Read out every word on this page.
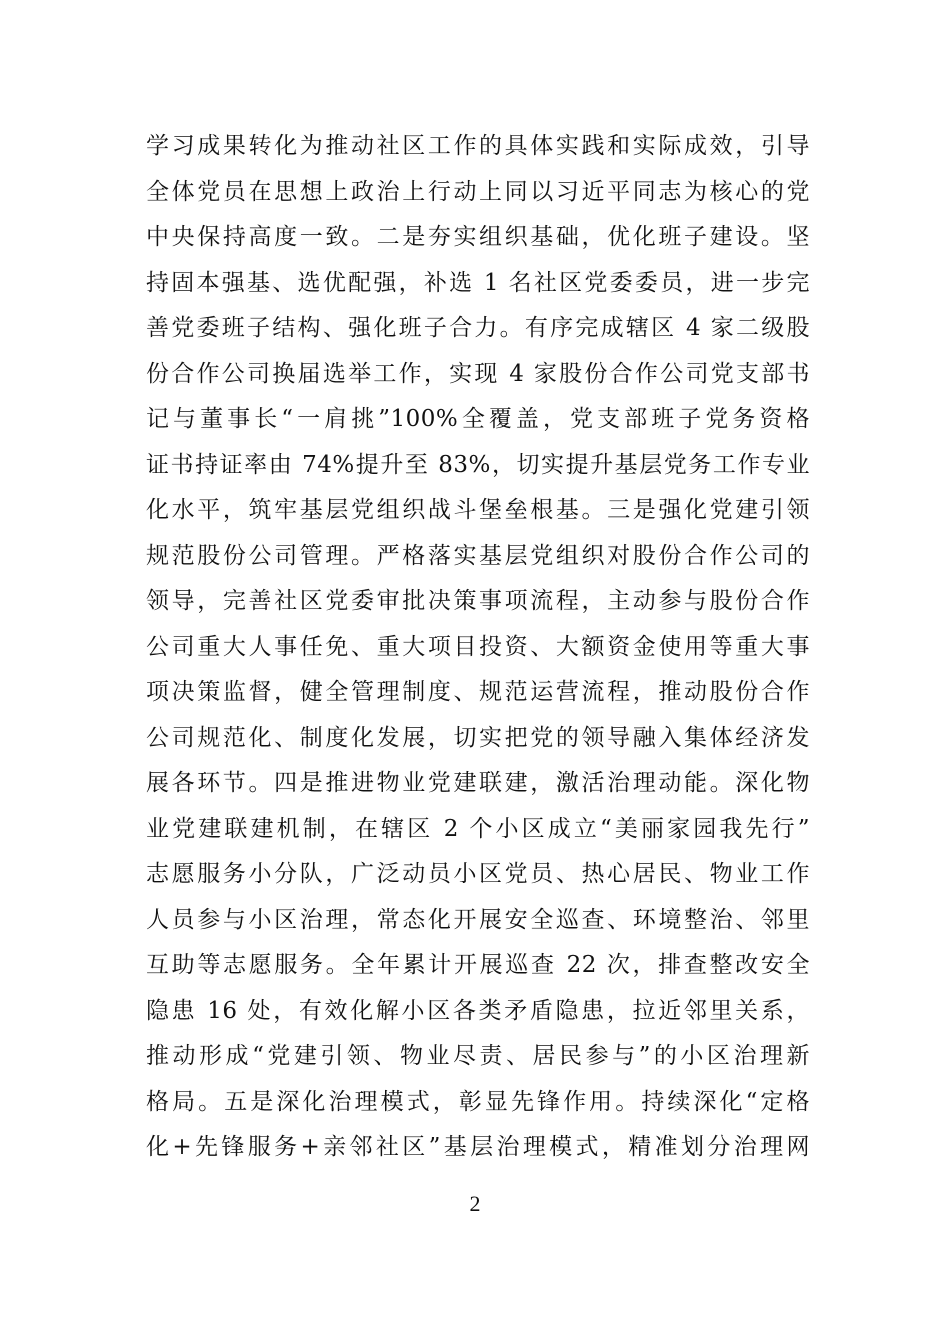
学习成果转化为推动社区工作的具体实践和实际成效，引导
全体党员在思想上政治上行动上同以习近平同志为核心的党
中央保持高度一致。二是夯实组织基础，优化班子建设。坚
持固本强基、选优配强，补选 1 名社区党委委员，进一步完
善党委班子结构、强化班子合力。有序完成辖区 4 家二级股
份合作公司换届选举工作，实现 4 家股份合作公司党支部书
记与董事长“一肩挑”100%全覆盖，党支部班子党务资格
证书持证率由 74%提升至 83%，切实提升基层党务工作专业
化水平，筑牢基层党组织战斗堡垒根基。三是强化党建引领
规范股份公司管理。严格落实基层党组织对股份合作公司的
领导，完善社区党委审批决策事项流程，主动参与股份合作
公司重大人事任免、重大项目投资、大额资金使用等重大事
项决策监督，健全管理制度、规范运营流程，推动股份合作
公司规范化、制度化发展，切实把党的领导融入集体经济发
展各环节。四是推进物业党建联建，激活治理动能。深化物
业党建联建机制，在辖区 2 个小区成立“美丽家园我先行”
志愿服务小分队，广泛动员小区党员、热心居民、物业工作
人员参与小区治理，常态化开展安全巡查、环境整治、邻里
互助等志愿服务。全年累计开展巡查 22 次，排查整改安全
隐患 16 处，有效化解小区各类矛盾隐患，拉近邻里关系，
推动形成“党建引领、物业尽责、居民参与”的小区治理新
格局。五是深化治理模式，彰显先锋作用。持续深化“定格
化+先锋服务+亲邻社区”基层治理模式，精准划分治理网
2
